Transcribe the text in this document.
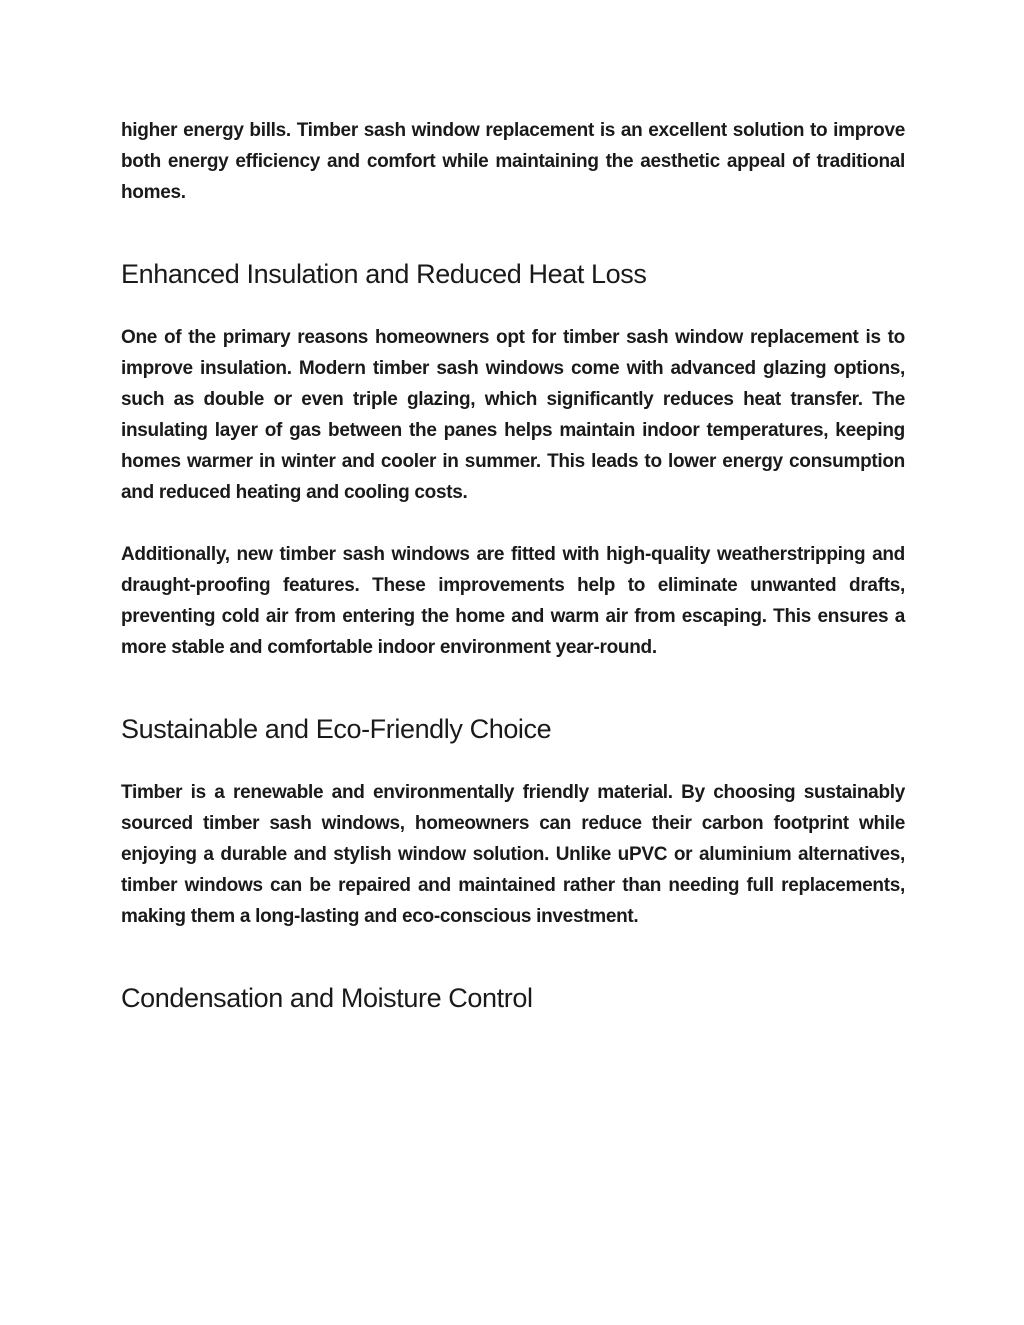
higher energy bills. Timber sash window replacement is an excellent solution to improve both energy efficiency and comfort while maintaining the aesthetic appeal of traditional homes.

Enhanced Insulation and Reduced Heat Loss

One of the primary reasons homeowners opt for timber sash window replacement is to improve insulation. Modern timber sash windows come with advanced glazing options, such as double or even triple glazing, which significantly reduces heat transfer. The insulating layer of gas between the panes helps maintain indoor temperatures, keeping homes warmer in winter and cooler in summer. This leads to lower energy consumption and reduced heating and cooling costs.

Additionally, new timber sash windows are fitted with high-quality weatherstripping and draught-proofing features. These improvements help to eliminate unwanted drafts, preventing cold air from entering the home and warm air from escaping. This ensures a more stable and comfortable indoor environment year-round.

Sustainable and Eco-Friendly Choice

Timber is a renewable and environmentally friendly material. By choosing sustainably sourced timber sash windows, homeowners can reduce their carbon footprint while enjoying a durable and stylish window solution. Unlike uPVC or aluminium alternatives, timber windows can be repaired and maintained rather than needing full replacements, making them a long-lasting and eco-conscious investment.

Condensation and Moisture Control
